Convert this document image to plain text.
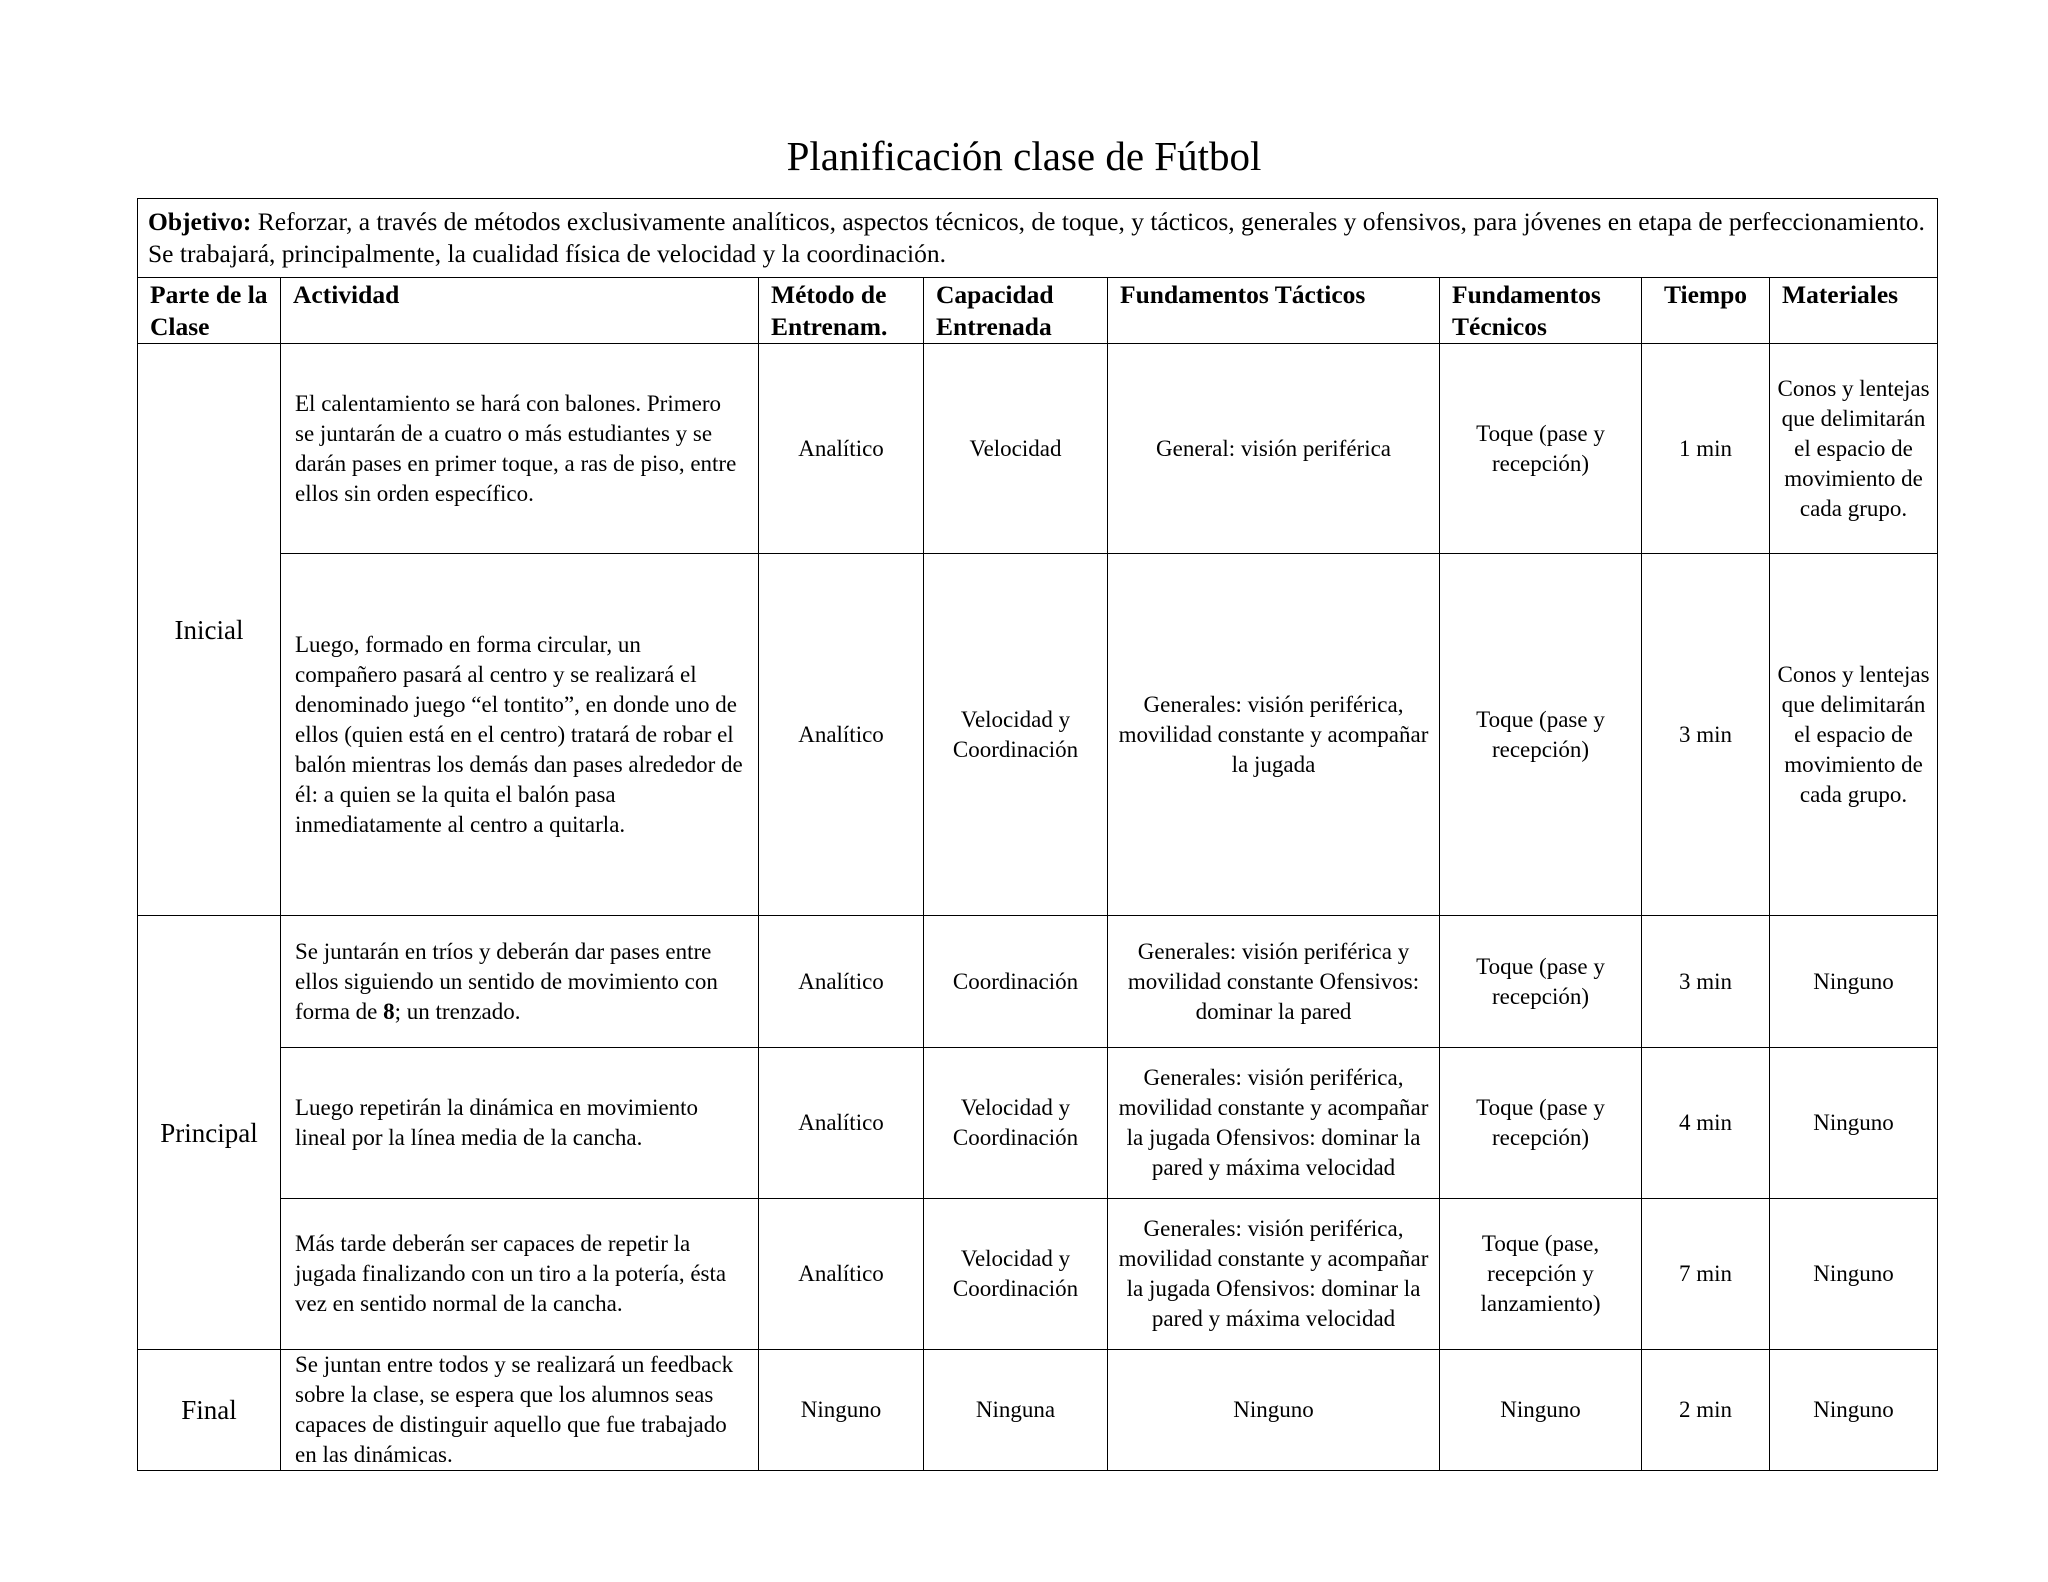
Planificación clase de Fútbol
Objetivo: Reforzar, a través de métodos exclusivamente analíticos, aspectos técnicos, de toque, y tácticos, generales y ofensivos, para jóvenes en etapa de perfeccionamiento. Se trabajará, principalmente, la cualidad física de velocidad y la coordinación.							
Parte de la Clase	Actividad	Método de Entrenam.	Capacidad Entrenada	Fundamentos Tácticos	Fundamentos Técnicos	Tiempo	Materiales
Inicial	El calentamiento se hará con balones. Primero se juntarán de a cuatro o más estudiantes y se darán pases en primer toque, a ras de piso, entre ellos sin orden específico.	Analítico	Velocidad	General: visión periférica	Toque (pase y recepción)	1 min	Conos y lentejas que delimitarán el espacio de movimiento de cada grupo.
	Luego, formado en forma circular, un compañero pasará al centro y se realizará el denominado juego “el tontito”, en donde uno de ellos (quien está en el centro) tratará de robar el balón mientras los demás dan pases alrededor de él: a quien se la quita el balón pasa inmediatamente al centro a quitarla.	Analítico	Velocidad y Coordinación	Generales: visión periférica, movilidad constante y acompañar la jugada	Toque (pase y recepción)	3 min	Conos y lentejas que delimitarán el espacio de movimiento de cada grupo.
Principal	Se juntarán en tríos y deberán dar pases entre ellos siguiendo un sentido de movimiento con forma de 8; un trenzado.	Analítico	Coordinación	Generales: visión periférica y movilidad constante Ofensivos: dominar la pared	Toque (pase y recepción)	3 min	Ninguno
	Luego repetirán la dinámica en movimiento lineal por la línea media de la cancha.	Analítico	Velocidad y Coordinación	Generales: visión periférica, movilidad constante y acompañar la jugada Ofensivos: dominar la pared y máxima velocidad	Toque (pase y recepción)	4 min	Ninguno
	Más tarde deberán ser capaces de repetir la jugada finalizando con un tiro a la potería, ésta vez en sentido normal de la cancha.	Analítico	Velocidad y Coordinación	Generales: visión periférica, movilidad constante y acompañar la jugada Ofensivos: dominar la pared y máxima velocidad	Toque (pase, recepción y lanzamiento)	7 min	Ninguno
Final	Se juntan entre todos y se realizará un feedback sobre la clase, se espera que los alumnos seas capaces de distinguir aquello que fue trabajado en las dinámicas.	Ninguno	Ninguna	Ninguno	Ninguno	2 min	Ninguno
